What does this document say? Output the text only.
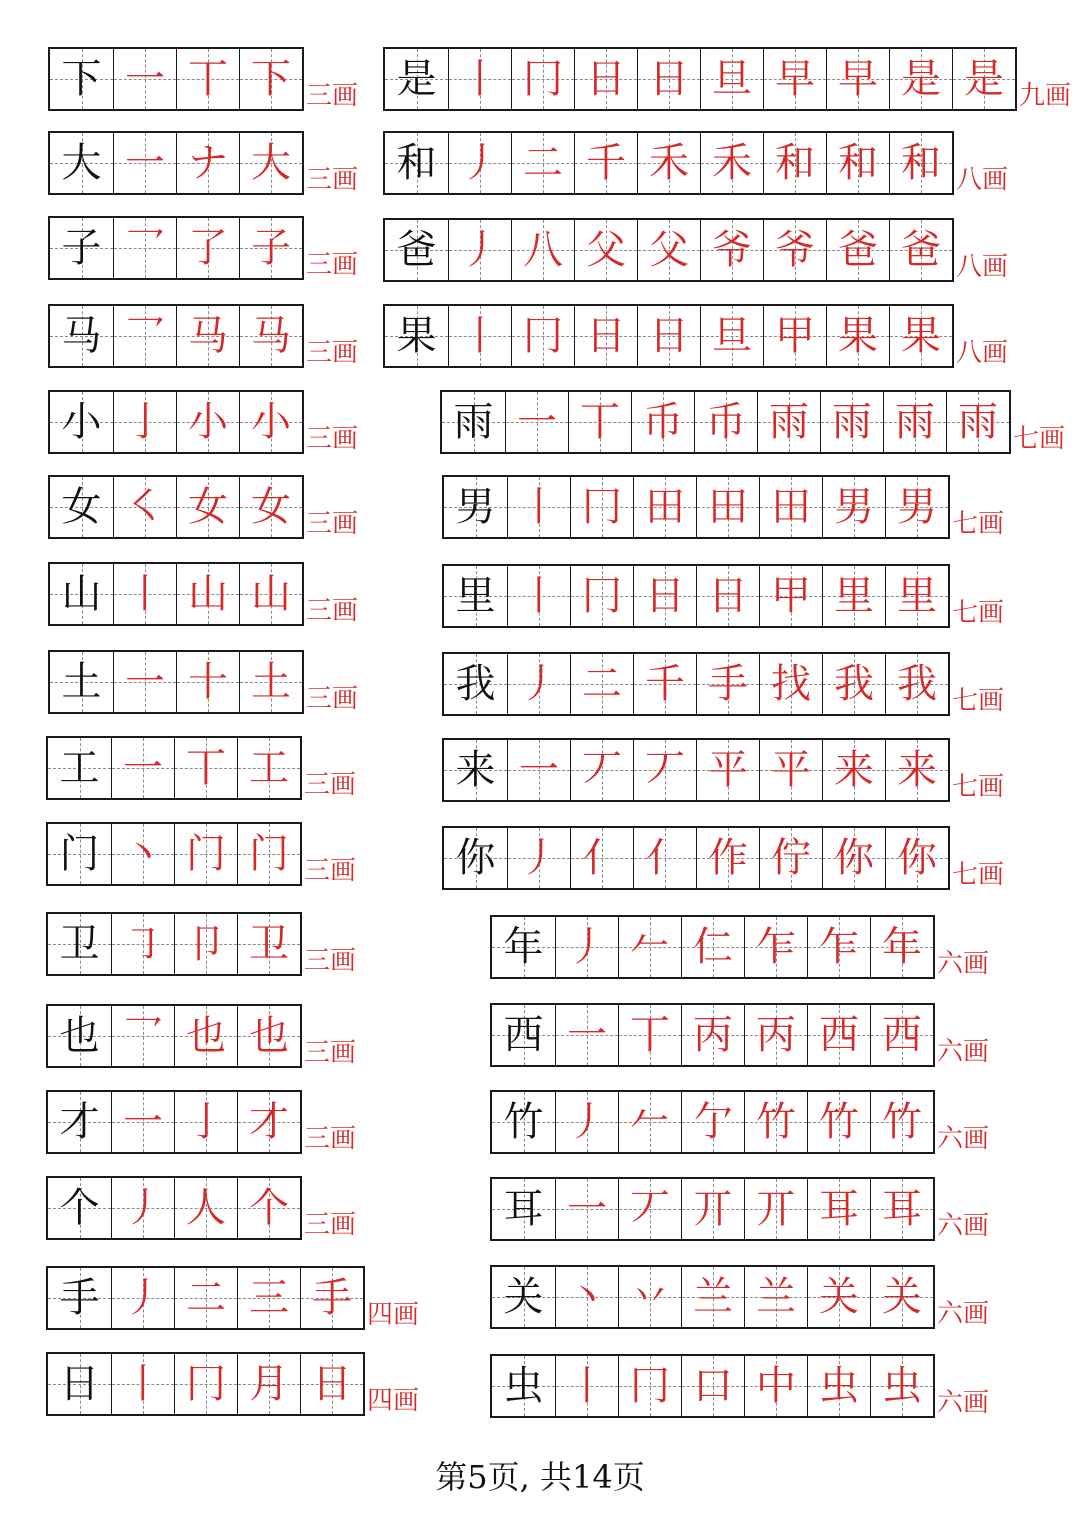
下 一 丅 下 三画
大 一 ナ 大 三画
子 乛 了 子 三画
马 乛 马 马 三画
小 亅 小 小 三画
女 ㇛ 女 女 三画
山 丨 山 山 三画
土 一 十 土 三画
工 一 丅 工 三画
门 丶 门 门 三画
卫 ㇆ 卩 卫 三画
也 乛 也 也 三画
才 一 亅 才 三画
个 丿 人 个 三画
手 丿 二 三 手 四画
日 丨 冂 月 日 四画
是 丨 冂 日 日 旦 早 早 是 是 九画
和 丿 二 千 禾 禾 和 和 和 八画
爸 丿 八 父 父 爷 爷 爸 爸 八画
果 丨 冂 日 日 旦 甲 果 果 八画
雨 一 丅 币 币 雨 雨 雨 雨 七画
男 丨 冂 田 田 田 男 男 七画
里 丨 冂 日 日 甲 里 里 七画
我 丿 二 千 手 找 我 我 七画
来 一 丆 丆 平 平 来 来 七画
你 丿 亻 亻 作 佇 你 你 七画
年 丿 𠂉 仁 乍 乍 年 六画
西 一 丅 丙 丙 西 西 六画
竹 丿 𠂉 亇 竹 竹 竹 六画
耳 一 丆 丌 丌 耳 耳 六画
关 丶 丷 兰 兰 关 关 六画
虫 丨 冂 口 中 虫 虫 六画
第5页, 共14页
